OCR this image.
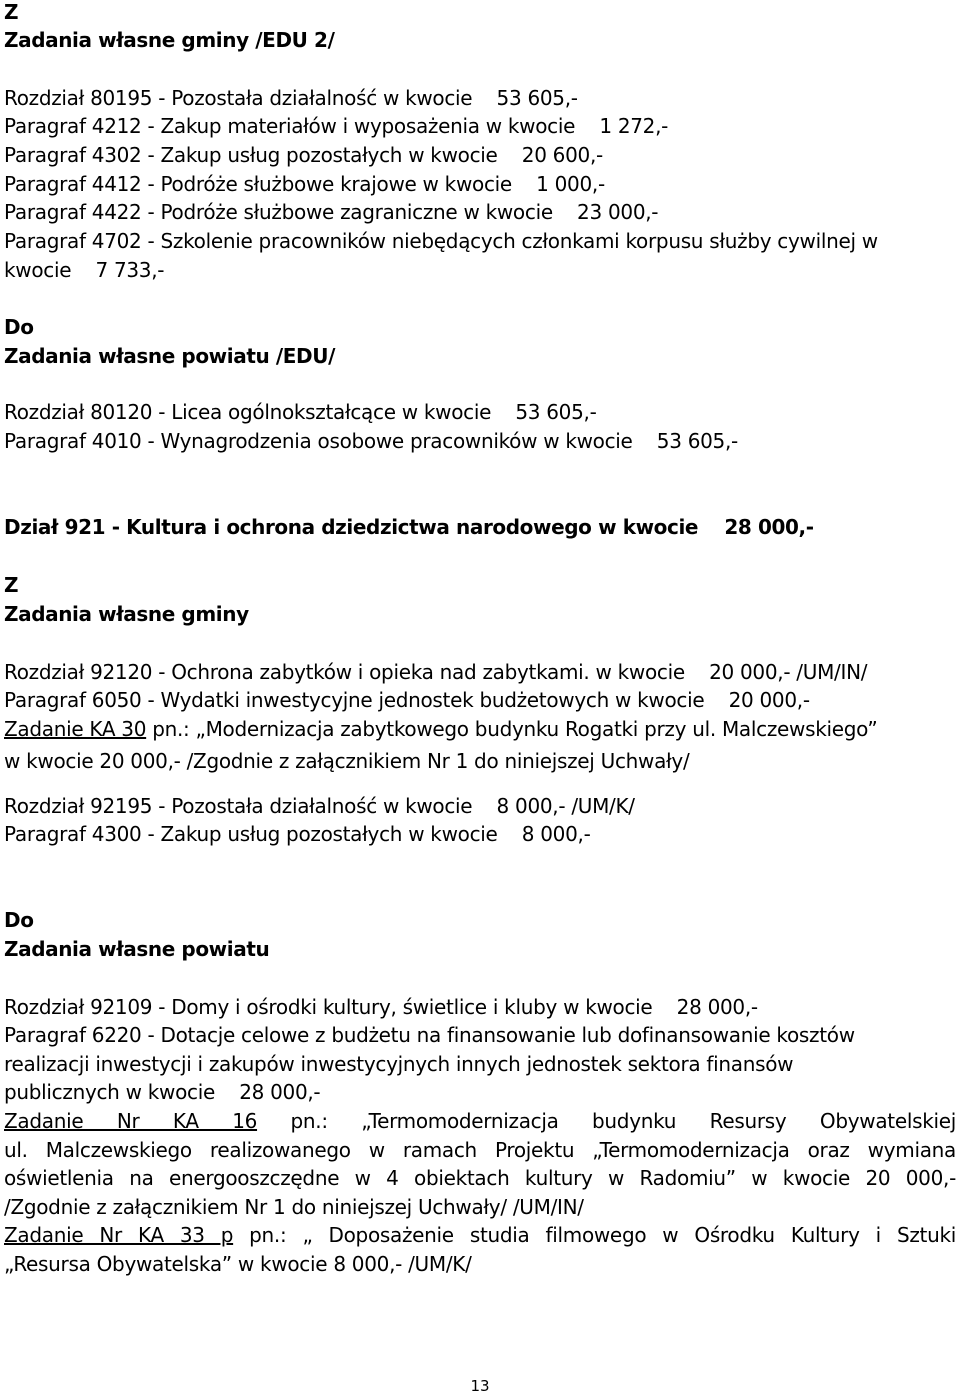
Z
Zadania własne gminy /EDU 2/
Rozdział 80195 - Pozostała działalność w kwocie    53 605,-
Paragraf 4212 - Zakup materiałów i wyposażenia w kwocie    1 272,-
Paragraf 4302 - Zakup usług pozostałych w kwocie    20 600,-
Paragraf 4412 - Podróże służbowe krajowe w kwocie    1 000,-
Paragraf 4422 - Podróże służbowe zagraniczne w kwocie    23 000,-
Paragraf 4702 - Szkolenie pracowników niebędących członkami korpusu służby cywilnej w
kwocie    7 733,-
Do
Zadania własne powiatu /EDU/
Rozdział 80120 - Licea ogólnokształcące w kwocie    53 605,-
Paragraf 4010 - Wynagrodzenia osobowe pracowników w kwocie    53 605,-
Dział 921 - Kultura i ochrona dziedzictwa narodowego w kwocie    28 000,-
Z
Zadania własne gminy
Rozdział 92120 - Ochrona zabytków i opieka nad zabytkami. w kwocie    20 000,- /UM/IN/
Paragraf 6050 - Wydatki inwestycyjne jednostek budżetowych w kwocie    20 000,-
Zadanie KA 30 pn.: „Modernizacja zabytkowego budynku Rogatki przy ul. Malczewskiego”
w kwocie 20 000,- /Zgodnie z załącznikiem Nr 1 do niniejszej Uchwały/
Rozdział 92195 - Pozostała działalność w kwocie    8 000,- /UM/K/
Paragraf 4300 - Zakup usług pozostałych w kwocie    8 000,-
Do
Zadania własne powiatu
Rozdział 92109 - Domy i ośrodki kultury, świetlice i kluby w kwocie    28 000,-
Paragraf 6220 - Dotacje celowe z budżetu na finansowanie lub dofinansowanie kosztów
realizacji inwestycji i zakupów inwestycyjnych innych jednostek sektora finansów
publicznych w kwocie    28 000,-
Zadanie Nr KA 16 pn.: „Termomodernizacja budynku Resursy Obywatelskiej
ul. Malczewskiego realizowanego w ramach Projektu „Termomodernizacja oraz wymiana
oświetlenia na energooszczędne w 4 obiektach kultury w Radomiu” w kwocie 20 000,-
/Zgodnie z załącznikiem Nr 1 do niniejszej Uchwały/ /UM/IN/
Zadanie Nr KA 33 p pn.: „ Doposażenie studia filmowego w Ośrodku Kultury i Sztuki
„Resursa Obywatelska” w kwocie 8 000,- /UM/K/
13
